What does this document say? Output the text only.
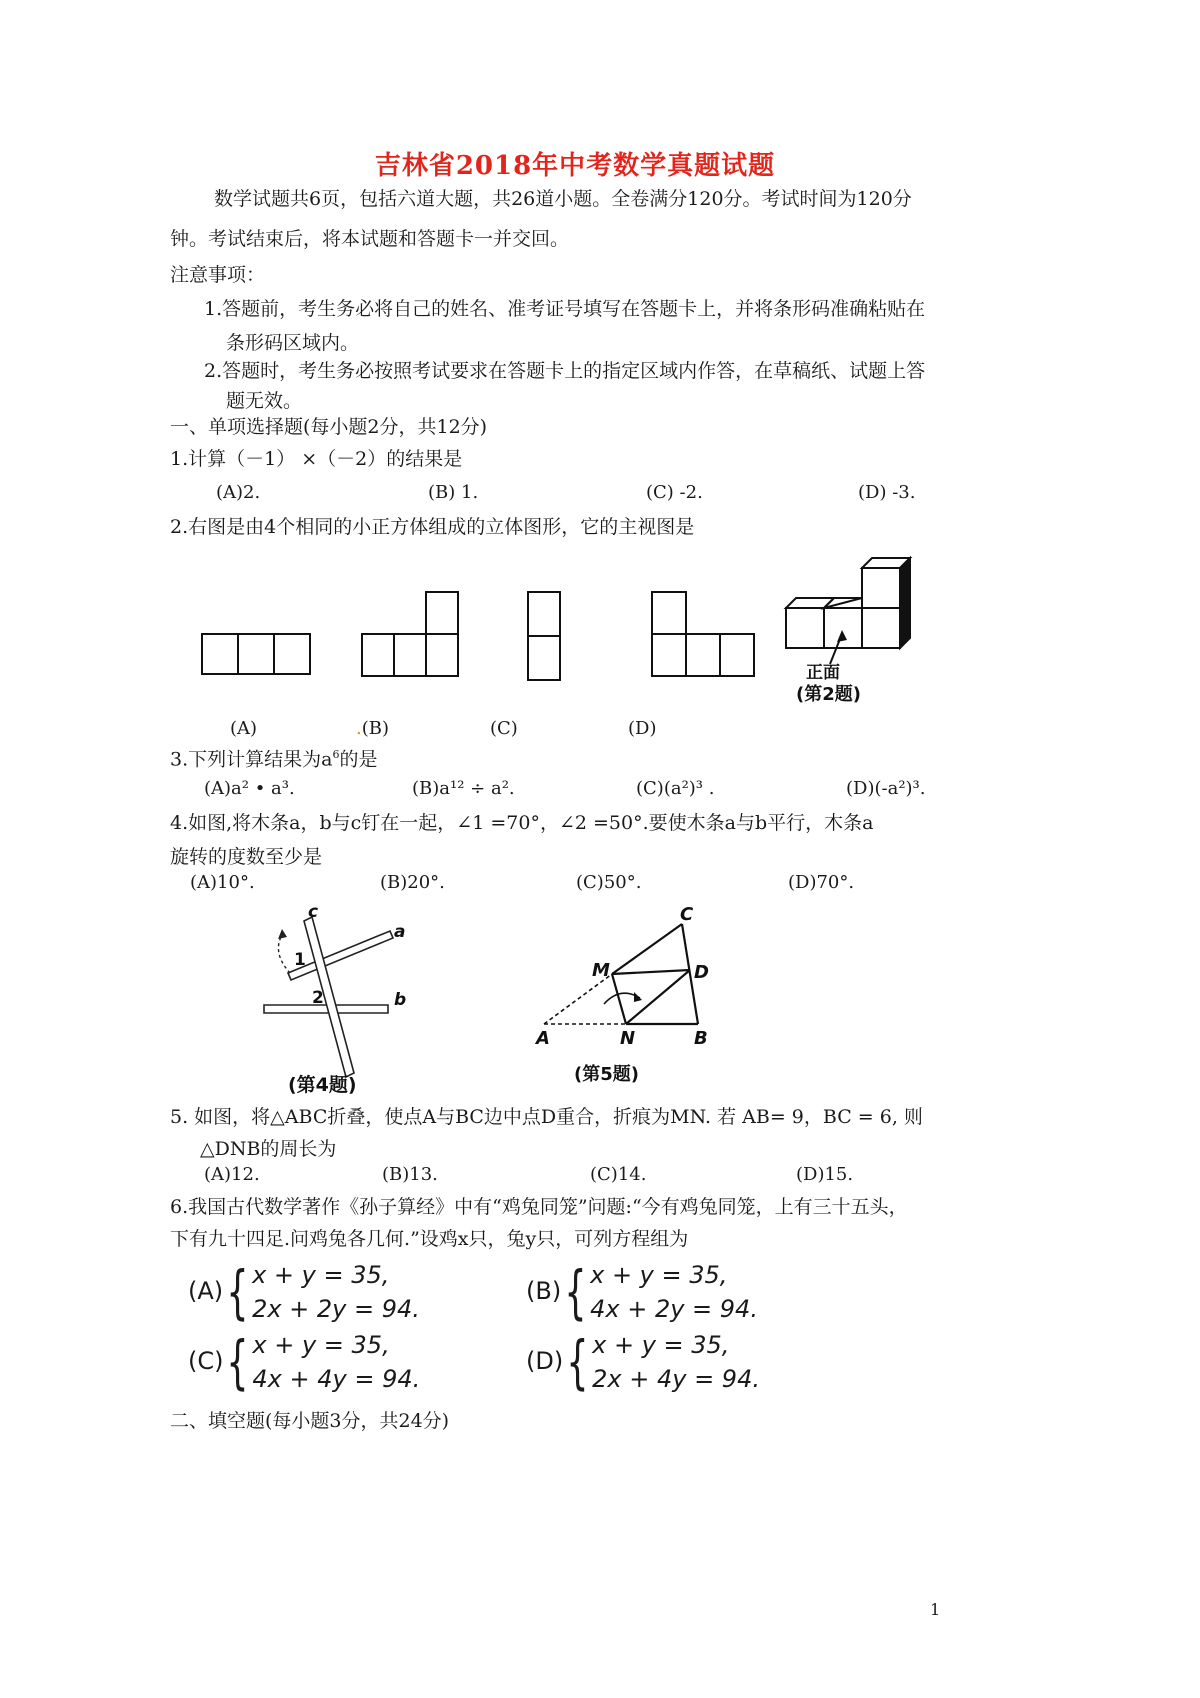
吉林省2018年中考数学真题试题
数学试题共6页，包括六道大题，共26道小题。全卷满分120分。考试时间为120分
钟。考试结束后，将本试题和答题卡一并交回。
注意事项：
1.答题前，考生务必将自己的姓名、准考证号填写在答题卡上，并将条形码准确粘贴在
条形码区域内。
2.答题时，考生务必按照考试要求在答题卡上的指定区域内作答，在草稿纸、试题上答
题无效。
一、单项选择题(每小题2分，共12分)
1.计算（－1） ×（－2）的结果是
(A)2.	(B) 1.	(C) -2.	(D) -3.
2.右图是由4个相同的小正方体组成的立体图形，它的主视图是
正面
(第2题)
(A)	.(B)	(C)	(D)
3.下列计算结果为$a^6$的是
(A)a² • a³.	(B)a¹² ÷ a².	(C)(a²)³ .	(D)(-a²)³.
4.如图,将木条a，b与c钉在一起，∠1 =70°，∠2 =50°.要使木条a与b平行，木条a
旋转的度数至少是
(A)10°.	(B)20°.	(C)50°.	(D)70°.
c
a
b
1
2
(第4题)
C
M	D
A	N	B
(第5题)
5. 如图，将△ABC折叠，使点A与BC边中点D重合，折痕为MN. 若 AB= 9，BC = 6, 则
△DNB的周长为
(A)12.	(B)13.	(C)14.	(D)15.
6.我国古代数学著作《孙子算经》中有“鸡兔同笼”问题:“今有鸡兔同笼，上有三十五头，
下有九十四足.问鸡兔各几何.”设鸡x只，兔y只，可列方程组为
(A){ x + y = 35,
2x + 2y = 94.
(B){ x + y = 35,
4x + 2y = 94.
(C){ x + y = 35,
4x + 4y = 94.
(D){ x + y = 35,
2x + 4y = 94.
二、填空题(每小题3分，共24分)
1
